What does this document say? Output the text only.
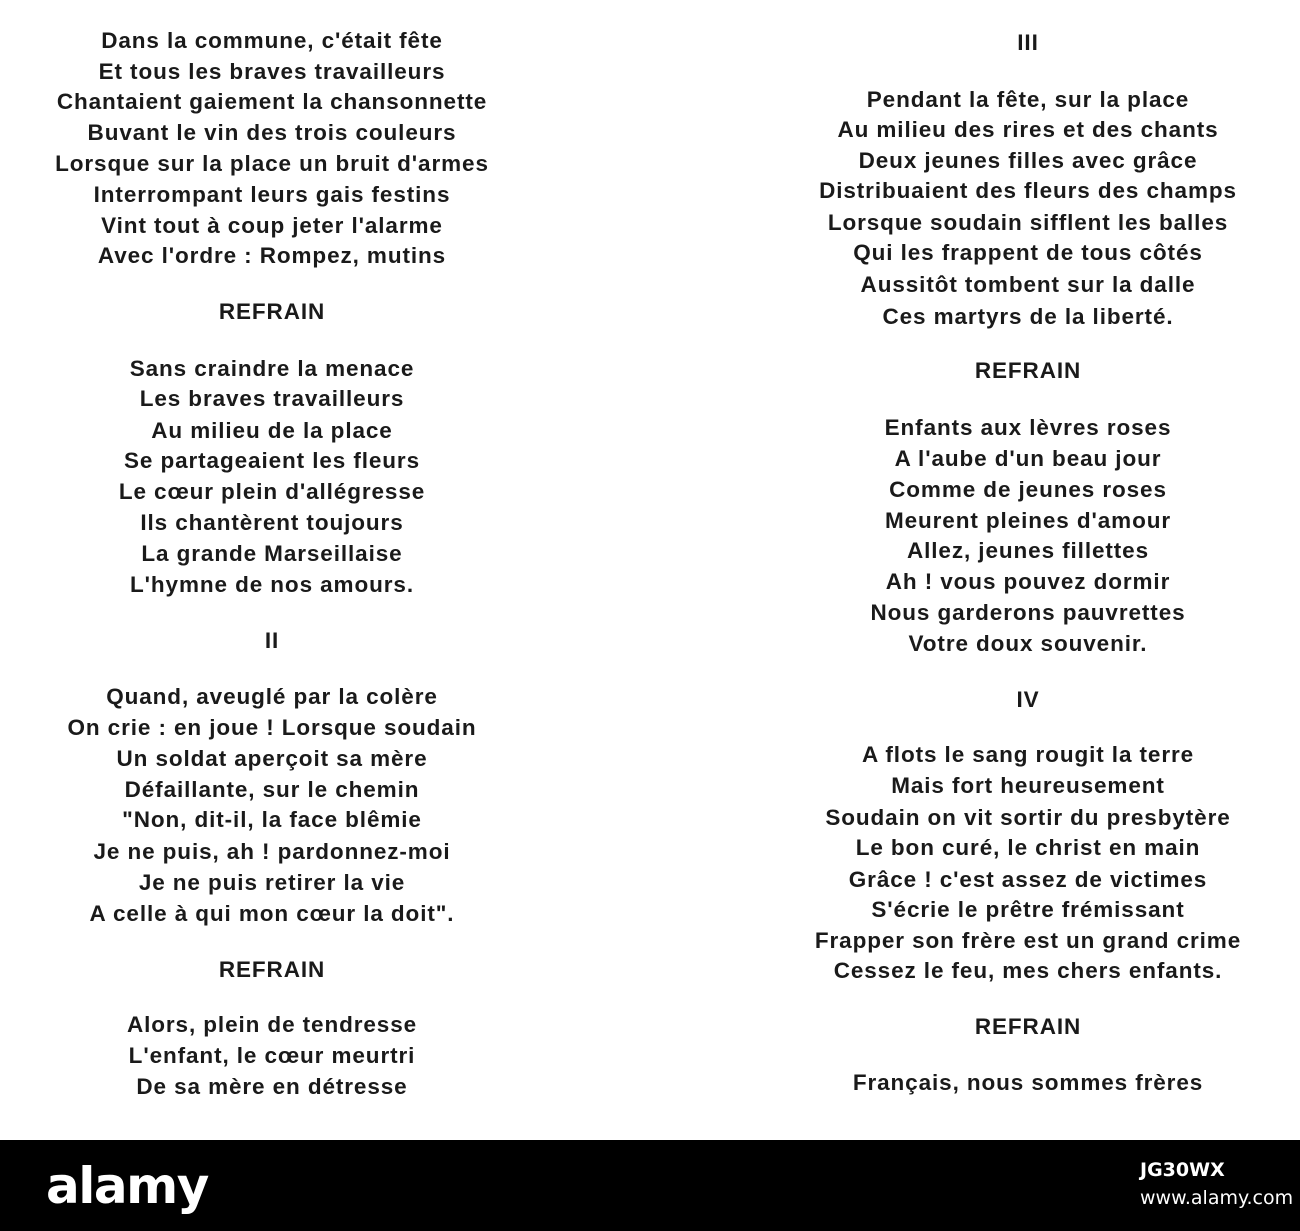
Dans la commune, c'était fête
Et tous les braves travailleurs
Chantaient gaiement la chansonnette
Buvant le vin des trois couleurs
Lorsque sur la place un bruit d'armes
Interrompant leurs gais festins
Vint tout à coup jeter l'alarme
Avec l'ordre : Rompez, mutins
REFRAIN
Sans craindre la menace
Les braves travailleurs
Au milieu de la place
Se partageaient les fleurs
Le cœur plein d'allégresse
Ils chantèrent toujours
La grande Marseillaise
L'hymne de nos amours.
II
Quand, aveuglé par la colère
On crie : en joue ! Lorsque soudain
Un soldat aperçoit sa mère
Défaillante, sur le chemin
"Non, dit-il, la face blêmie
Je ne puis, ah ! pardonnez-moi
Je ne puis retirer la vie
A celle à qui mon cœur la doit".
REFRAIN
Alors, plein de tendresse
L'enfant, le cœur meurtri
De sa mère en détresse
III
Pendant la fête, sur la place
Au milieu des rires et des chants
Deux jeunes filles avec grâce
Distribuaient des fleurs des champs
Lorsque soudain sifflent les balles
Qui les frappent de tous côtés
Aussitôt tombent sur la dalle
Ces martyrs de la liberté.
REFRAIN
Enfants aux lèvres roses
A l'aube d'un beau jour
Comme de jeunes roses
Meurent pleines d'amour
Allez, jeunes fillettes
Ah ! vous pouvez dormir
Nous garderons pauvrettes
Votre doux souvenir.
IV
A flots le sang rougit la terre
Mais fort heureusement
Soudain on vit sortir du presbytère
Le bon curé, le christ en main
Grâce ! c'est assez de victimes
S'écrie le prêtre frémissant
Frapper son frère est un grand crime
Cessez le feu, mes chers enfants.
REFRAIN
Français, nous sommes frères
alamy	JG30WX
www.alamy.com
